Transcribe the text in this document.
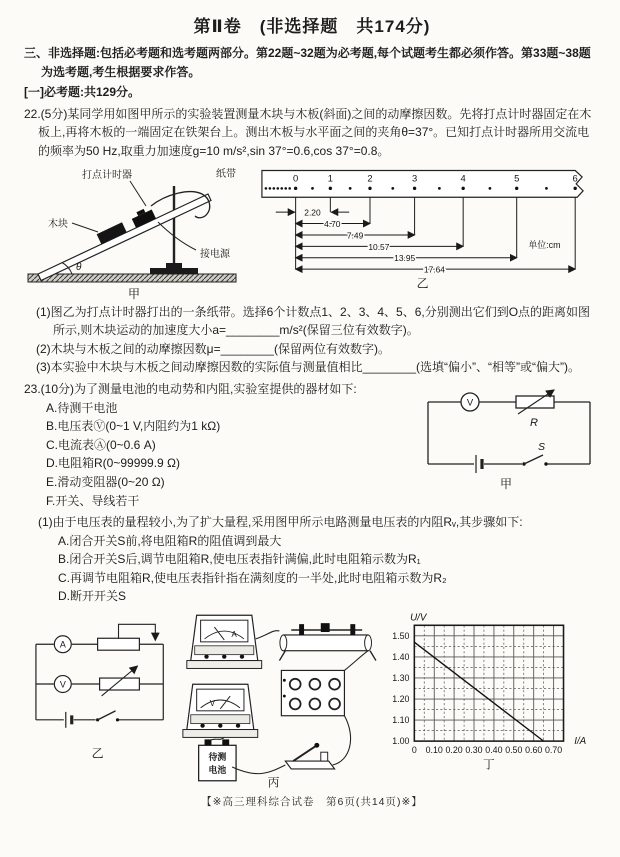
第Ⅱ卷　(非选择题　共174分)

三、非选择题:包括必考题和选考题两部分。第22题~32题为必考题,每个试题考生都必须作答。第33题~38题为选考题,考生根据要求作答。

[一]必考题:共129分。

22.(5分)某同学用如图甲所示的实验装置测量木块与木板(斜面)之间的动摩擦因数。先将打点计时器固定在木板上,再将木板的一端固定在铁架台上。测出木板与水平面之间的夹角θ=37°。已知打点计时器所用交流电的频率为50 Hz,取重力加速度g=10 m/s²,sin 37°=0.6,cos 37°=0.8。

θ
打点计时器	纸带
木块
接电源
甲
0	1	2	3	4	5	6
2.20
4.70
7.49
10.57
13.95
17.64
单位:cm
乙

(1)图乙为打点计时器打出的一条纸带。选择6个计数点1、2、3、4、5、6,分别测出它们到O点的距离如图所示,则木块运动的加速度大小a=________m/s²(保留三位有效数字)。

(2)木块与木板之间的动摩擦因数μ=________(保留两位有效数字)。

(3)本实验中木块与木板之间动摩擦因数的实际值与测量值相比________(选填“偏小”、“相等”或“偏大”)。

V
R
S
甲

23.(10分)为了测量电池的电动势和内阻,实验室提供的器材如下:

A.待测干电池

B.电压表Ⓥ(0~1 V,内阻约为1 kΩ)

C.电流表Ⓐ(0~0.6 A)

D.电阻箱R(0~99999.9 Ω)

E.滑动变阻器(0~20 Ω)

F.开关、导线若干

(1)由于电压表的量程较小,为了扩大量程,采用图甲所示电路测量电压表的内阻Rᵥ,其步骤如下:

A.闭合开关S前,将电阻箱R的阻值调到最大

B.闭合开关S后,调节电阻箱R,使电压表指针满偏,此时电阻箱示数为R₁

C.再调节电阻箱R,使电压表指针指在满刻度的一半处,此时电阻箱示数为R₂

D.断开开关S

A
V
乙
A
V
待测
电池
丙
1.00
1.10
1.20
1.30
1.40
1.50
0 0.10 0.20 0.30 0.40 0.50 0.60 0.70
U/V
I/A
丁

【※高三理科综合试卷　第6页(共14页)※】
